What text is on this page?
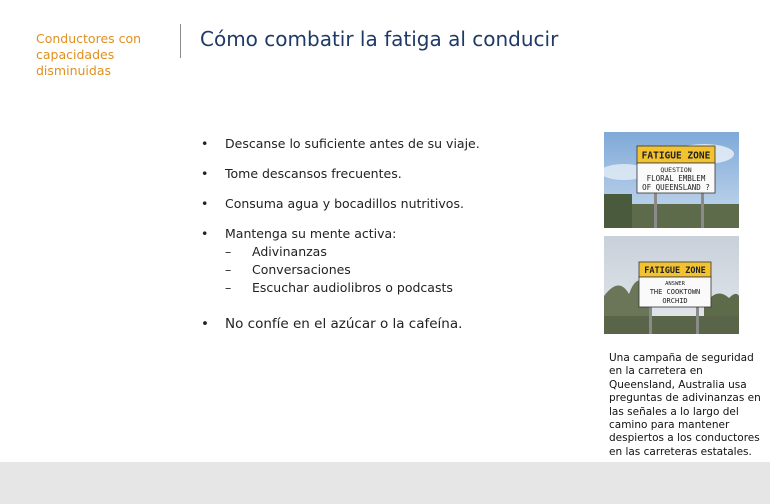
Conductores con capacidades disminuidas
Cómo combatir la fatiga al conducir
• Descanse lo suficiente antes de su viaje.
• Tome descansos frecuentes.
• Consuma agua y bocadillos nutritivos.
• Mantenga su mente activa:
– Adivinanzas
– Conversaciones
– Escuchar audiolibros o podcasts
• No confíe en el azúcar o la cafeína.
FATIGUE ZONE
QUESTION
FLORAL EMBLEM
OF QUEENSLAND ?
FATIGUE ZONE
ANSWER
THE COOKTOWN
ORCHID
Una campaña de seguridad en la carretera en Queensland, Australia usa preguntas de adivinanzas en las señales a lo largo del camino para mantener despiertos a los conductores en las carreteras estatales.
